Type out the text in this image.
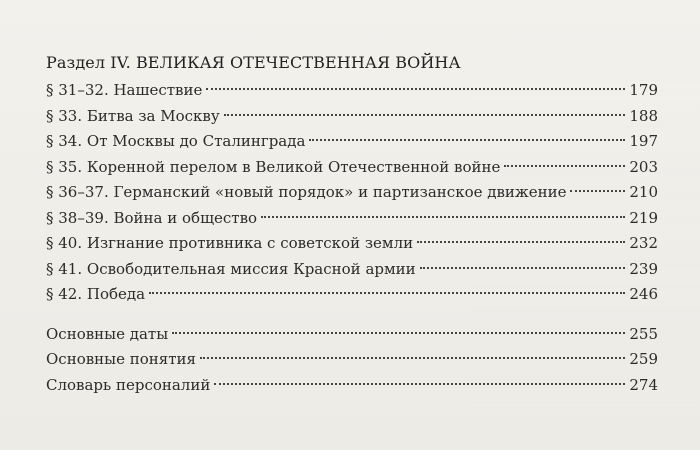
Раздел IV. ВЕЛИКАЯ ОТЕЧЕСТВЕННАЯ ВОЙНА
§ 31–32. Нашествие	179
§ 33. Битва за Москву	188
§ 34. От Москвы до Сталинграда	197
§ 35. Коренной перелом в Великой Отечественной войне	203
§ 36–37. Германский «новый порядок» и партизанское движение	210
§ 38–39. Война и общество	219
§ 40. Изгнание противника с советской земли	232
§ 41. Освободительная миссия Красной армии	239
§ 42. Победа	246
Основные даты	255
Основные понятия	259
Словарь персоналий	274
